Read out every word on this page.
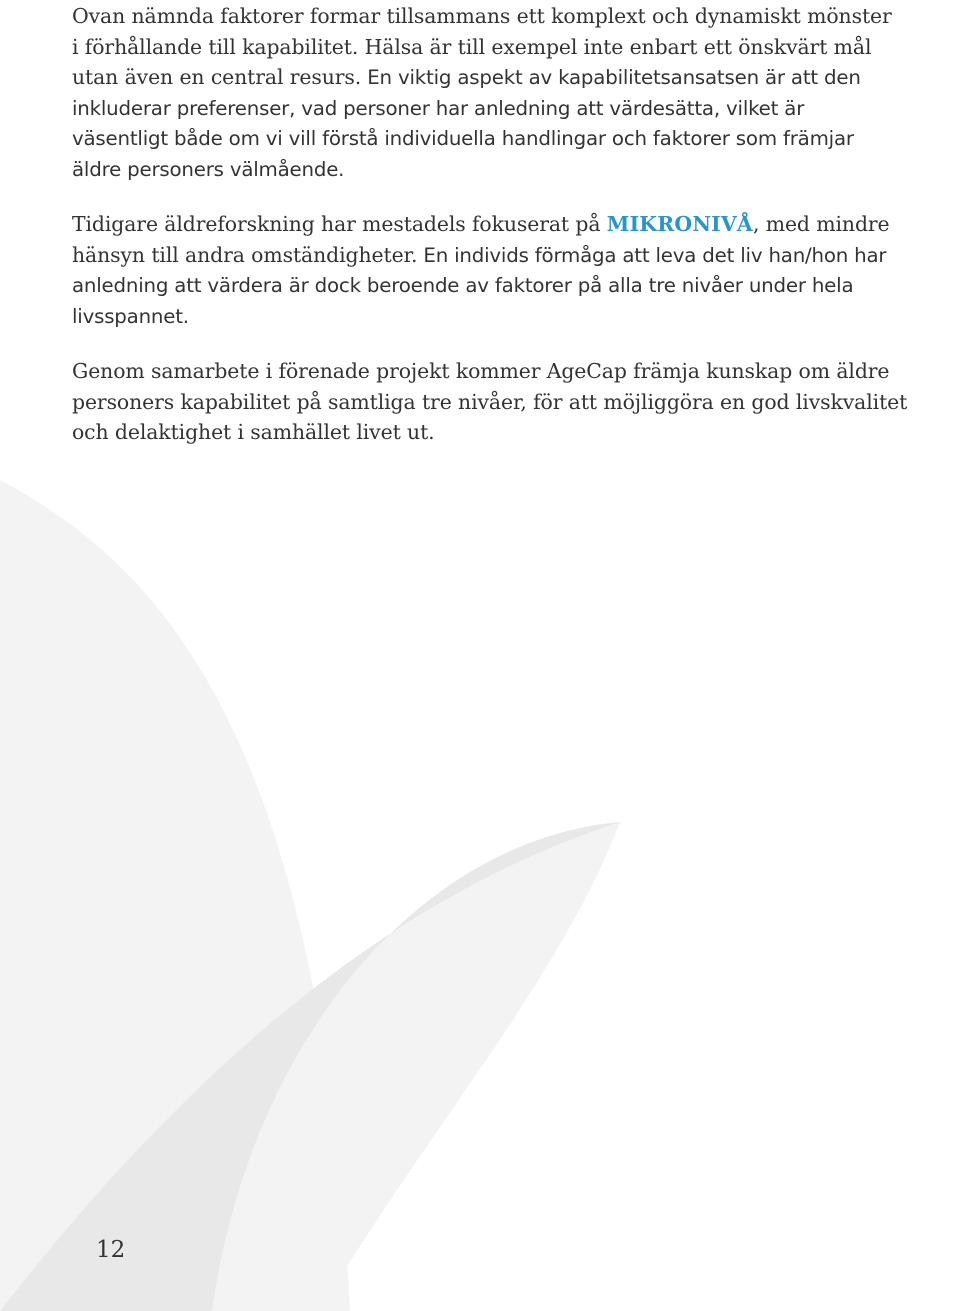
Ovan nämnda faktorer formar tillsammans ett komplext och dynamiskt mönster
i förhållande till kapabilitet. Hälsa är till exempel inte enbart ett önskvärt mål
utan även en central resurs. En viktig aspekt av kapabilitetsansatsen är att den
inkluderar preferenser, vad personer har anledning att värdesätta, vilket är
väsentligt både om vi vill förstå individuella handlingar och faktorer som främjar
äldre personers välmående.

Tidigare äldreforskning har mestadels fokuserat på MIKRONIVÅ, med mindre
hänsyn till andra omständigheter. En individs förmåga att leva det liv han/hon har
anledning att värdera är dock beroende av faktorer på alla tre nivåer under hela
livsspannet.

Genom samarbete i förenade projekt kommer AgeCap främja kunskap om äldre
personers kapabilitet på samtliga tre nivåer, för att möjliggöra en god livskvalitet
och delaktighet i samhället livet ut.

12
